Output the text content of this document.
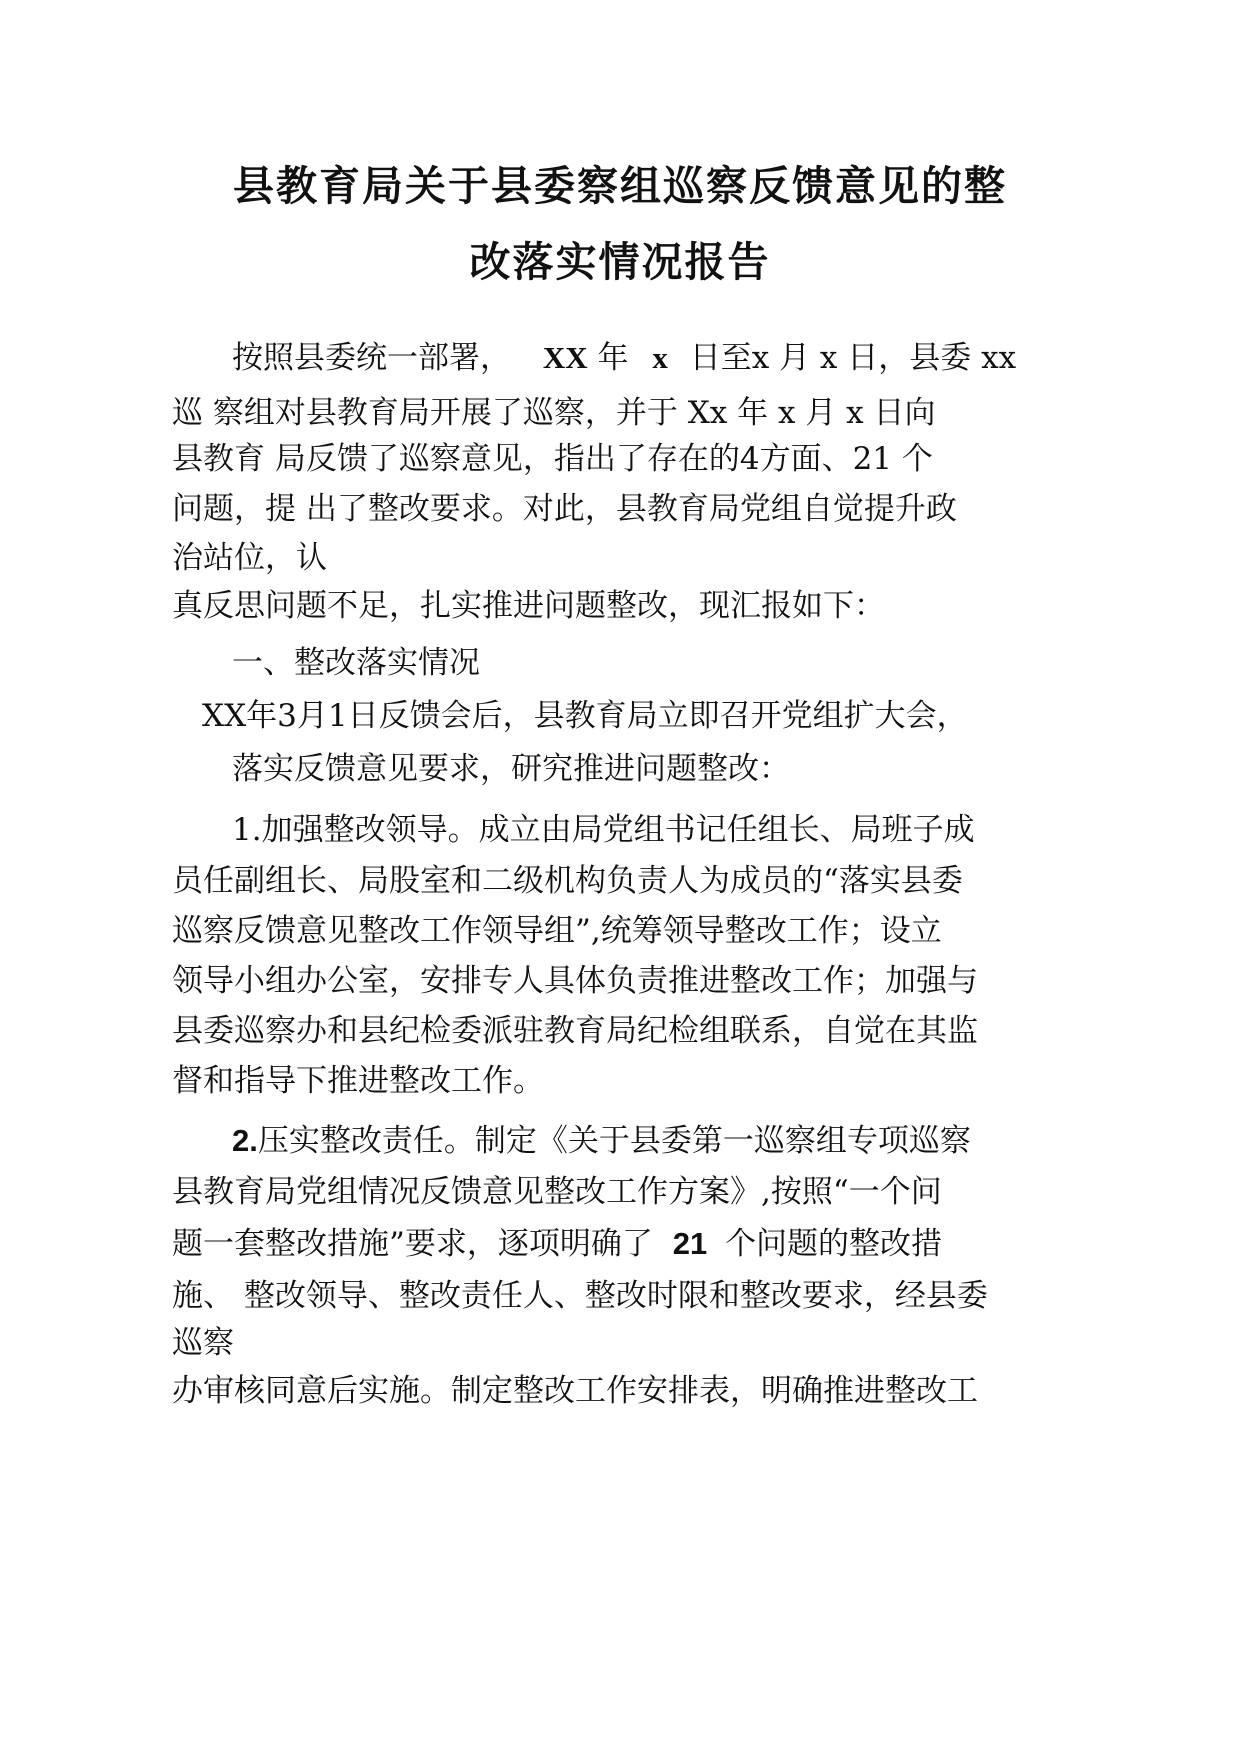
县教育局关于县委察组巡察反馈意见的整
改落实情况报告

按照县委统一部署， XX 年 x 日至x 月 x 日，县委 xx

巡 察组对县教育局开展了巡察，并于 Xx 年 x 月 x 日向

县教育 局反馈了巡察意见，指出了存在的4方面、21 个

问题，提 出了整改要求。对此，县教育局党组自觉提升政

治站位，认

真反思问题不足，扎实推进问题整改，现汇报如下：

一、整改落实情况

XX年3月1日反馈会后，县教育局立即召开党组扩大会，

落实反馈意见要求，研究推进问题整改：

1.加强整改领导。成立由局党组书记任组长、局班子成

员任副组长、局股室和二级机构负责人为成员的“落实县委

巡察反馈意见整改工作领导组”,统筹领导整改工作；设立

领导小组办公室，安排专人具体负责推进整改工作；加强与

县委巡察办和县纪检委派驻教育局纪检组联系，自觉在其监

督和指导下推进整改工作。

2.压实整改责任。制定《关于县委第一巡察组专项巡察

县教育局党组情况反馈意见整改工作方案》,按照“一个问

题一套整改措施”要求，逐项明确了 21 个问题的整改措

施、 整改领导、整改责任人、整改时限和整改要求，经县委

巡察

办审核同意后实施。制定整改工作安排表，明确推进整改工
